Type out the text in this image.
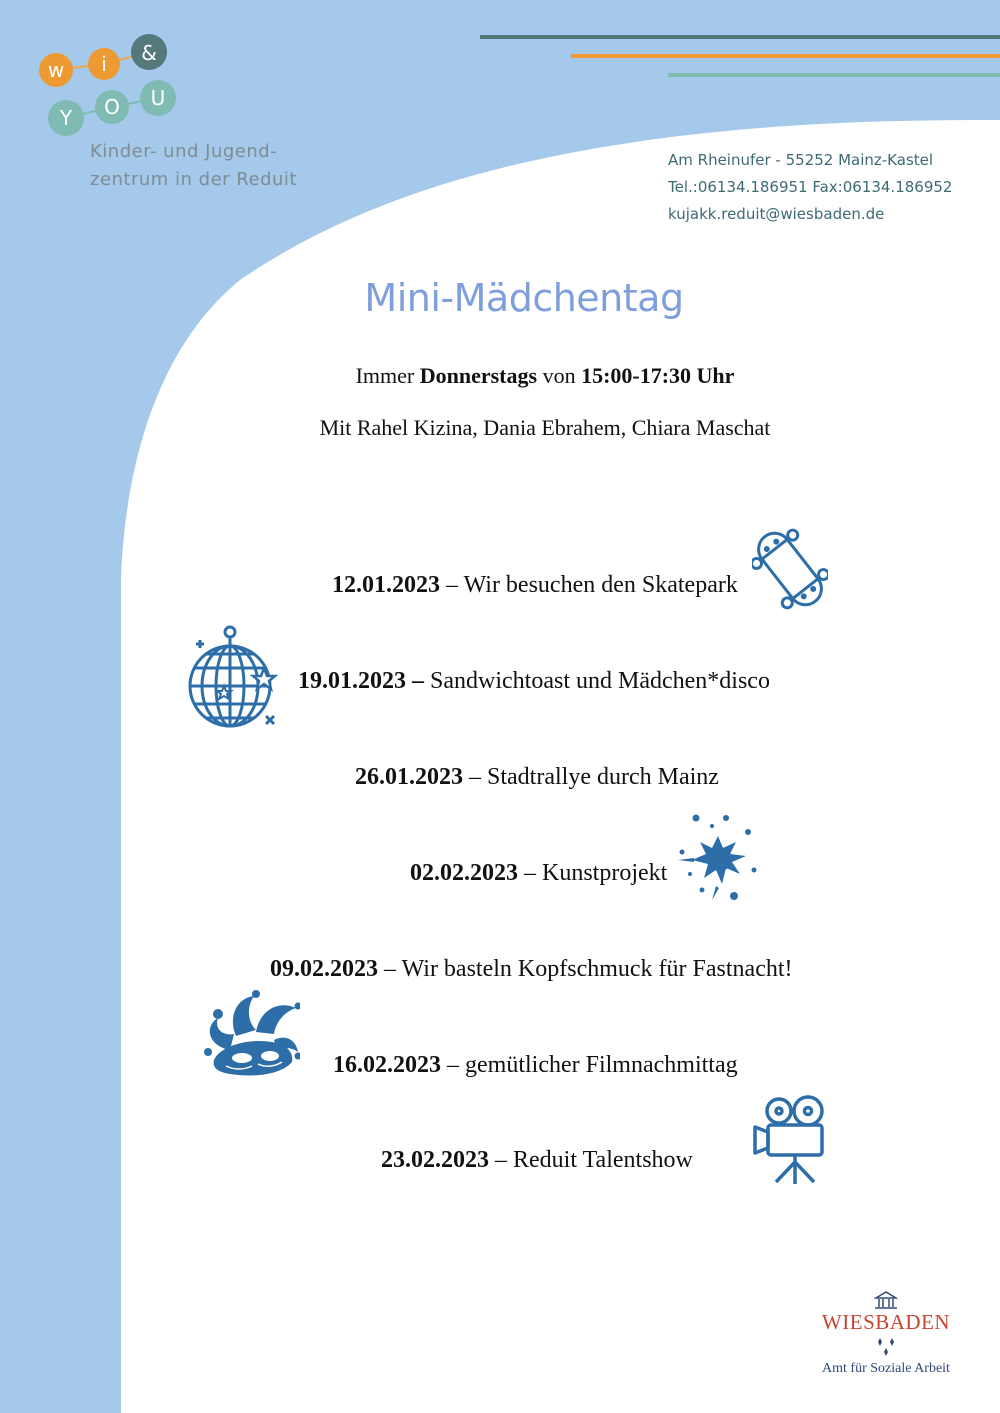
w i &
Y O U
Kinder- und Jugend-
zentrum in der Reduit
Am Rheinufer - 55252 Mainz-Kastel
Tel.:06134.186951 Fax:06134.186952
kujakk.reduit@wiesbaden.de
Mini-Mädchentag
Immer Donnerstags von 15:00-17:30 Uhr
Mit Rahel Kizina, Dania Ebrahem, Chiara Maschat
12.01.2023 – Wir besuchen den Skatepark
19.01.2023 – Sandwichtoast und Mädchen*disco
26.01.2023 – Stadtrallye durch Mainz
02.02.2023 – Kunstprojekt
09.02.2023 – Wir basteln Kopfschmuck für Fastnacht!
16.02.2023 – gemütlicher Filmnachmittag
23.02.2023 – Reduit Talentshow
WIESBADEN
Amt für Soziale Arbeit
